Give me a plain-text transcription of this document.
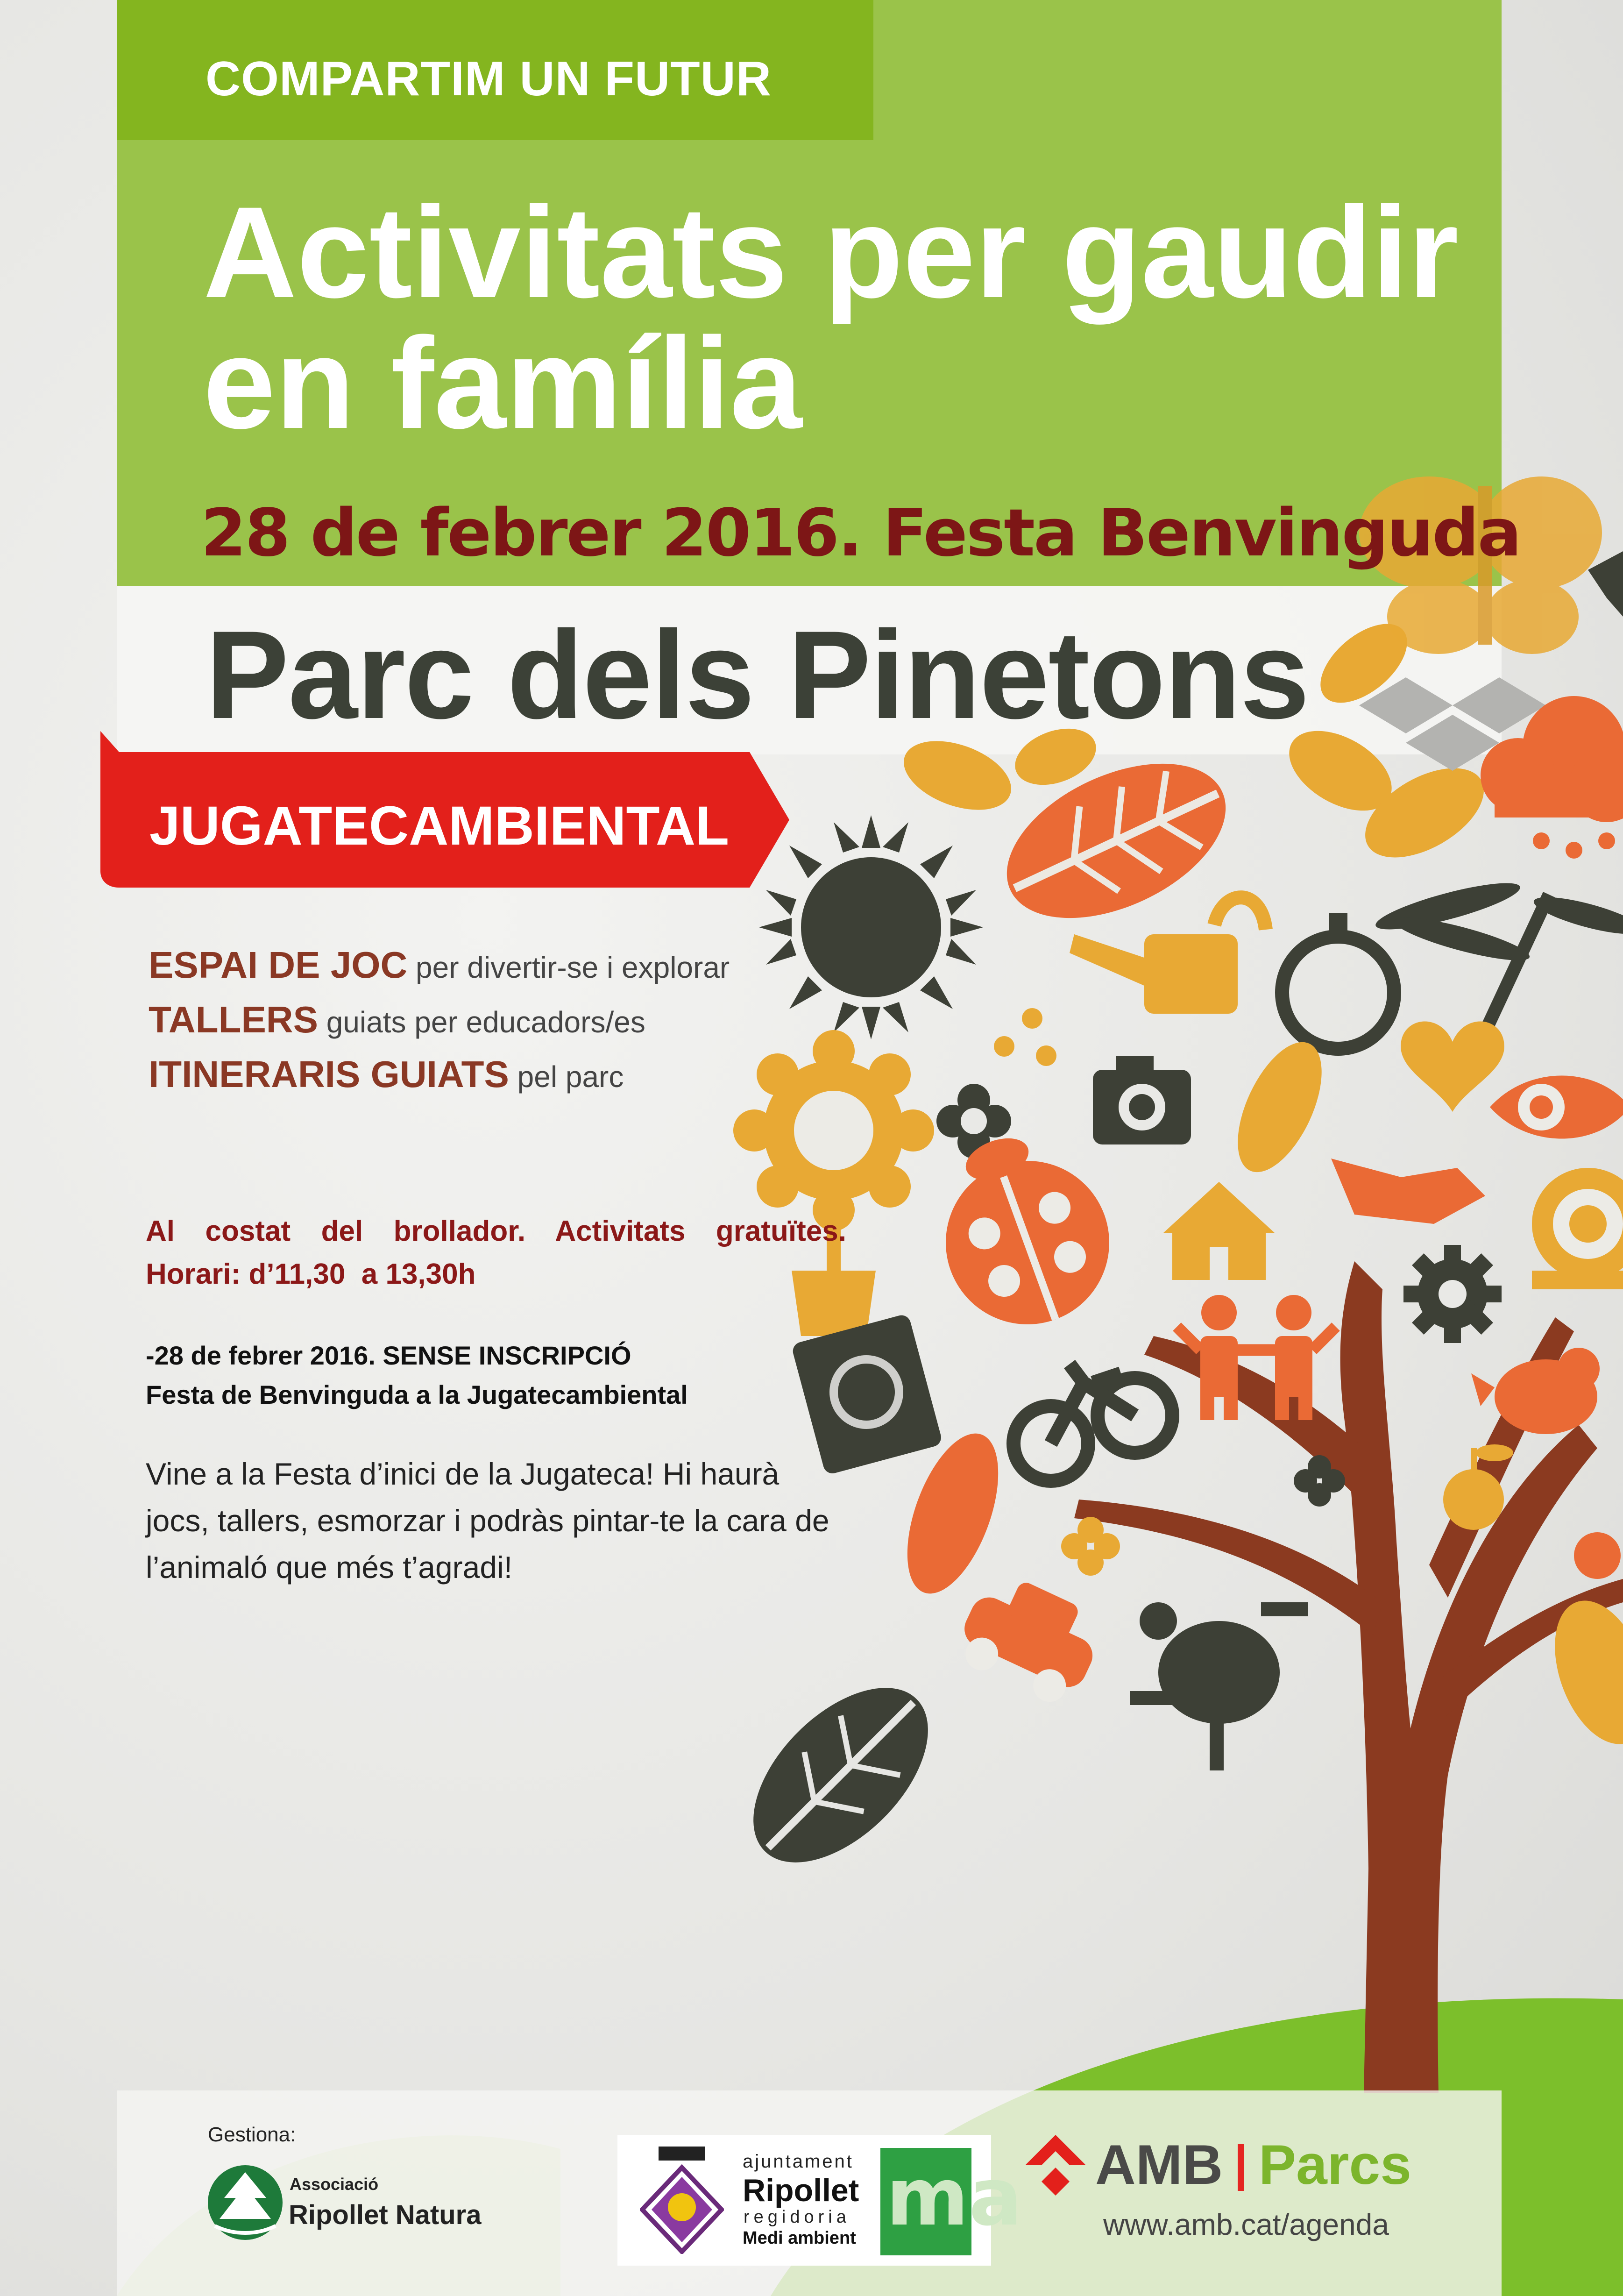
COMPARTIM UN FUTUR
Activitats per gaudir
en família
28 de febrer 2016. Festa Benvinguda
Parc dels Pinetons
JUGATECAMBIENTAL
ESPAI DE JOC per divertir-se i explorar
TALLERS guiats per educadors/es
ITINERARIS GUIATS pel parc
Al costat del brollador. Activitats gratuïtes.
Horari: d’11,30  a 13,30h
-28 de febrer 2016. SENSE INSCRIPCIÓ
Festa de Benvinguda a la Jugatecambiental
Vine a la Festa d’inici de la Jugateca! Hi haurà jocs, tallers, esmorzar i podràs pintar-te la cara de l’animaló que més t’agradi!
Gestiona:
Associació
Ripollet Natura
ajuntament
Ripollet
regidoria
Medi ambient ma AMB Parcs
www.amb.cat/agenda
